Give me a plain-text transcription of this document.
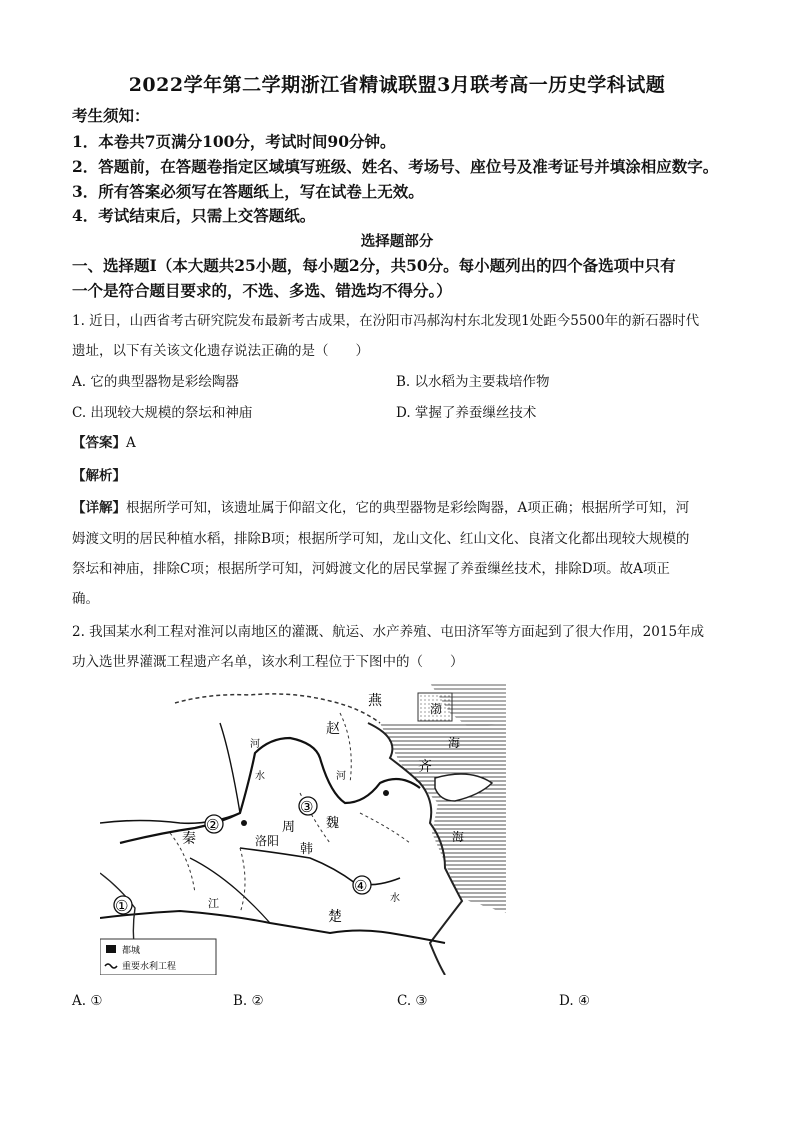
2022学年第二学期浙江省精诚联盟3月联考高一历史学科试题
考生须知：
1．本卷共7页满分100分，考试时间90分钟。
2．答题前，在答题卷指定区域填写班级、姓名、考场号、座位号及准考证号并填涂相应数字。
3．所有答案必须写在答题纸上，写在试卷上无效。
4．考试结束后，只需上交答题纸。
选择题部分
一、选择题Ⅰ（本大题共25小题，每小题2分，共50分。每小题列出的四个备选项中只有
一个是符合题目要求的，不选、多选、错选均不得分。）
1. 近日，山西省考古研究院发布最新考古成果，在汾阳市冯郝沟村东北发现1处距今5500年的新石器时代
遗址，以下有关该文化遗存说法正确的是（　　）
A. 它的典型器物是彩绘陶器	B. 以水稻为主要栽培作物
C. 出现较大规模的祭坛和神庙	D. 掌握了养蚕缫丝技术
【答案】A
【解析】
【详解】根据所学可知，该遗址属于仰韶文化，它的典型器物是彩绘陶器，A项正确；根据所学可知，河
姆渡文明的居民种植水稻，排除B项；根据所学可知，龙山文化、红山文化、良渚文化都出现较大规模的
祭坛和神庙，排除C项；根据所学可知，河姆渡文化的居民掌握了养蚕缫丝技术，排除D项。故A项正
确。
2. 我国某水利工程对淮河以南地区的灌溉、航运、水产养殖、屯田济军等方面起到了很大作用，2015年成
功入选世界灌溉工程遗产名单，该水利工程位于下图中的（　　）
燕
赵
齐
秦
周 魏
韩
楚
洛阳
渤
海
海
河
河
水
水
江
①
②
③
④
都城
重要水利工程
A. ①	B. ②	C. ③	D. ④
